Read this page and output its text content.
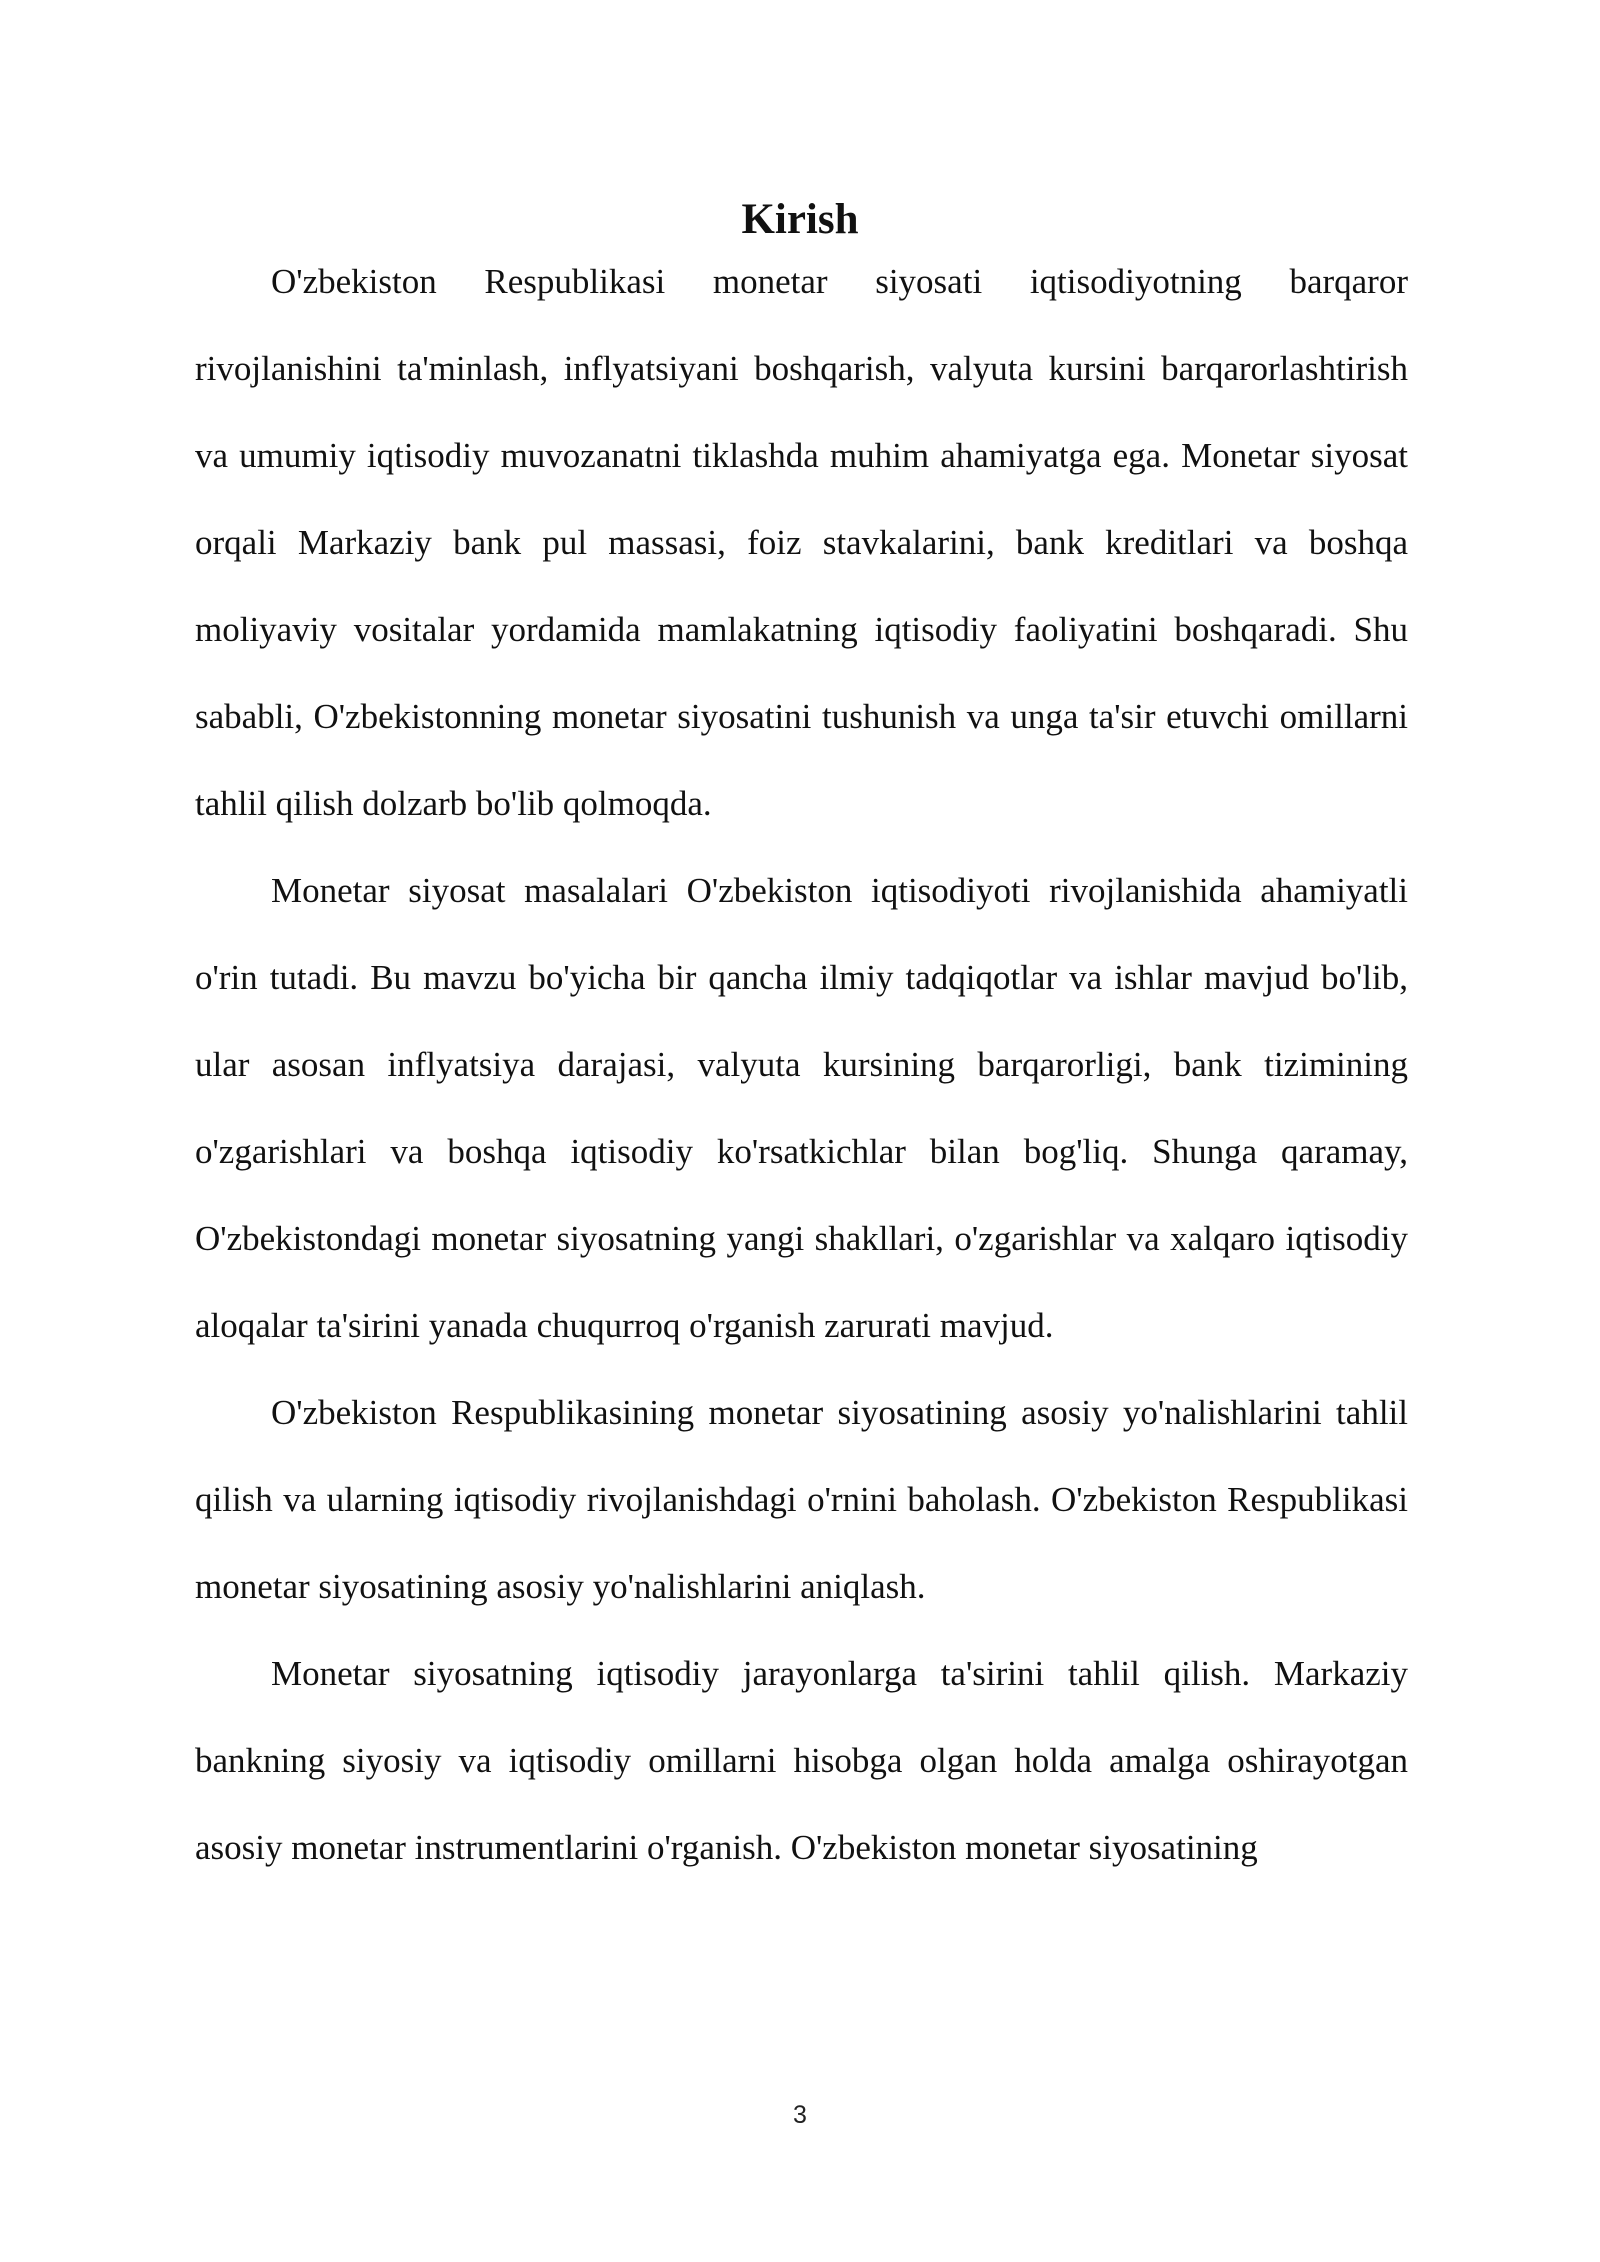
Kirish

O'zbekiston Respublikasi monetar siyosati iqtisodiyotning barqaror rivojlanishini ta'minlash, inflyatsiyani boshqarish, valyuta kursini barqarorlashtirish va umumiy iqtisodiy muvozanatni tiklashda muhim ahamiyatga ega. Monetar siyosat orqali Markaziy bank pul massasi, foiz stavkalarini, bank kreditlari va boshqa moliyaviy vositalar yordamida mamlakatning iqtisodiy faoliyatini boshqaradi. Shu sababli, O'zbekistonning monetar siyosatini tushunish va unga ta'sir etuvchi omillarni tahlil qilish dolzarb bo'lib qolmoqda.

Monetar siyosat masalalari O'zbekiston iqtisodiyoti rivojlanishida ahamiyatli o'rin tutadi. Bu mavzu bo'yicha bir qancha ilmiy tadqiqotlar va ishlar mavjud bo'lib, ular asosan inflyatsiya darajasi, valyuta kursining barqarorligi, bank tizimining o'zgarishlari va boshqa iqtisodiy ko'rsatkichlar bilan bog'liq. Shunga qaramay, O'zbekistondagi monetar siyosatning yangi shakllari, o'zgarishlar va xalqaro iqtisodiy aloqalar ta'sirini yanada chuqurroq o'rganish zarurati mavjud.

O'zbekiston Respublikasining monetar siyosatining asosiy yo'nalishlarini tahlil qilish va ularning iqtisodiy rivojlanishdagi o'rnini baholash. O'zbekiston Respublikasi monetar siyosatining asosiy yo'nalishlarini aniqlash.

Monetar siyosatning iqtisodiy jarayonlarga ta'sirini tahlil qilish. Markaziy bankning siyosiy va iqtisodiy omillarni hisobga olgan holda amalga oshirayotgan asosiy monetar instrumentlarini o'rganish. O'zbekiston monetar siyosatining

3
